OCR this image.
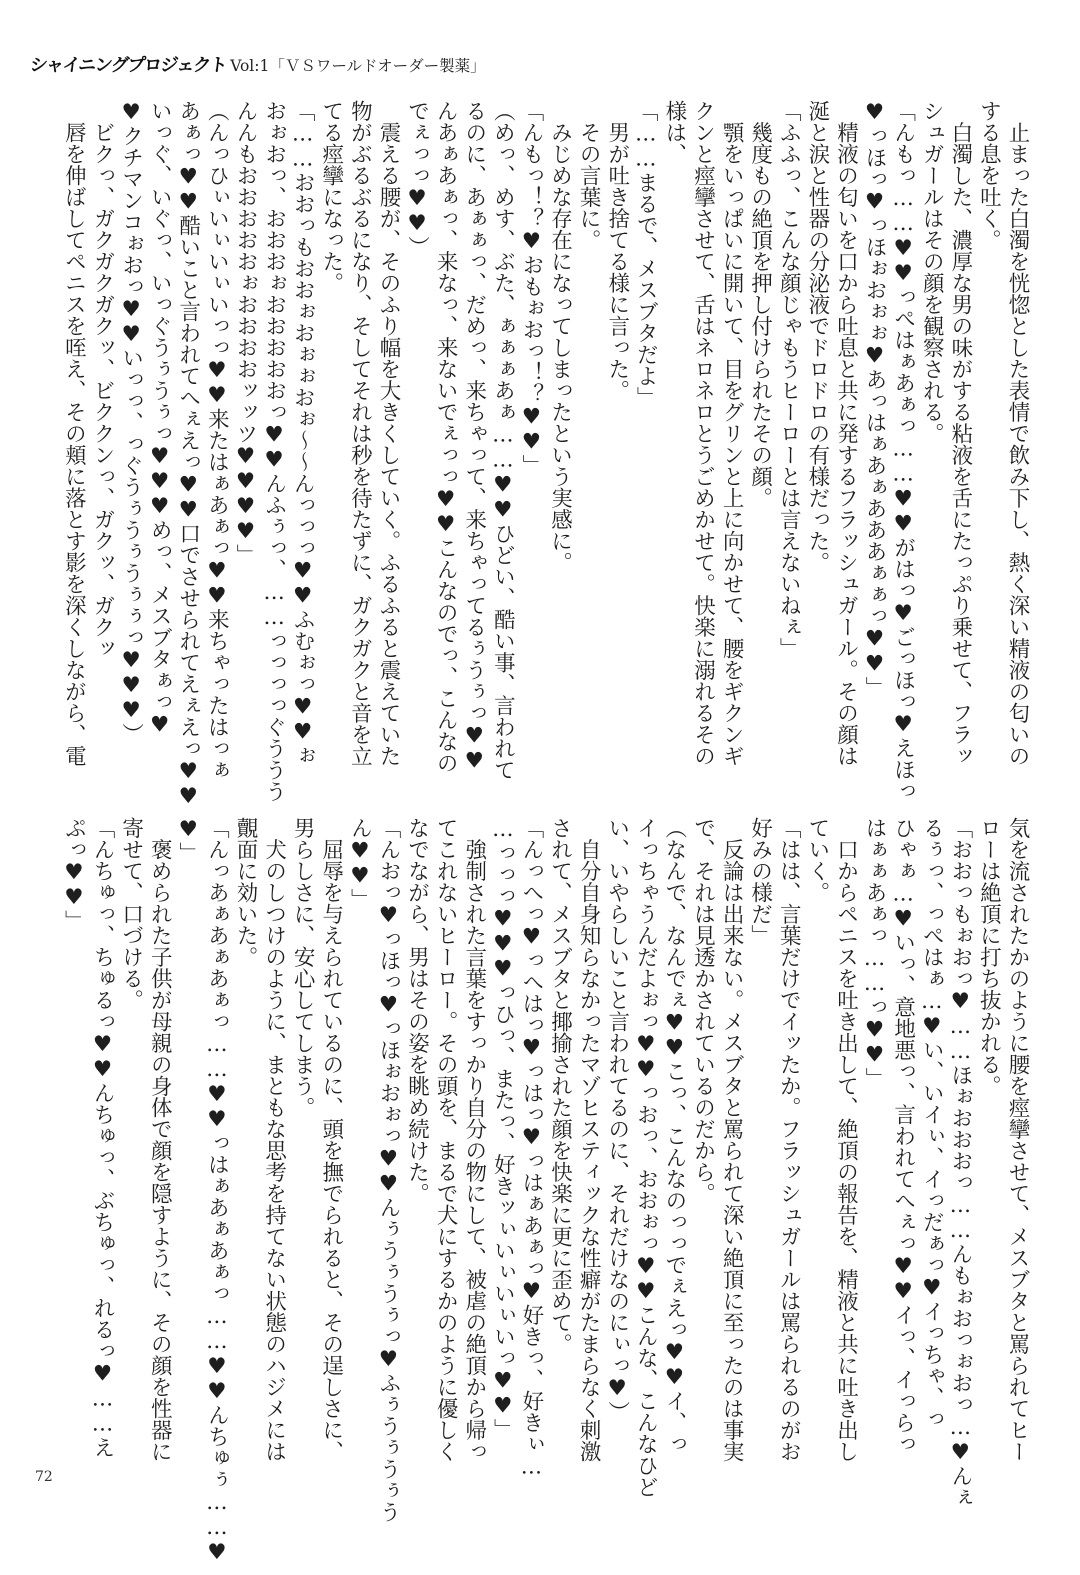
シャイニングプロジェクト Vol:1「ＶＳワールドオーダー製薬」

　止まった白濁を恍惚とした表情で飲み下し、熱く深い精液の匂いの

する息を吐く。

　白濁した、濃厚な男の味がする粘液を舌にたっぷり乗せて、フラッ

シュガールはその顔を観察される。

「んもっ……♥♥っぺはぁあぁっ……♥♥がはっ♥ごっほっ♥えほっ

♥っほっ♥っほぉおぉぉ♥あっはぁあぁあああぁぁっ♥♥」

　精液の匂いを口から吐息と共に発するフラッシュガール。その顔は

涎と涙と性器の分泌液でドロドロの有様だった。

「ふふっ、こんな顔じゃもうヒーローとは言えないねぇ」

　幾度もの絶頂を押し付けられたその顔。

　顎をいっぱいに開いて、目をグリンと上に向かせて、腰をギクンギ

クンと痙攣させて、舌はネロネロとうごめかせて。快楽に溺れるその

様は、

「……まるで、メスブタだよ」

　男が吐き捨てる様に言った。

　その言葉に。

　みじめな存在になってしまったという実感に。

「んもっ！？♥おもぉおっ！？♥♥」

（めっ、めす、ぶた、ぁぁぁあぁ……♥♥ひどい、酷い事、言われて

るのに、あぁぁっ、だめっ、来ちゃって、来ちゃってるぅうぅっ♥♥

んあぁあぁっ、来なっ、来ないでぇっっ♥♥こんなのでっ、こんなの

でぇっっ♥♥）

　震える腰が、そのふり幅を大きくしていく。ふるふると震えていた

物がぶるぶるになり、そしてそれは秒を待たずに、ガクガクと音を立

てる痙攣になった。

「……おおっもおおぉおぉぉおぉ〜〜んっっっ♥♥ふむぉっ♥♥ぉ

おぉおっ、おおおぉおおおおおっ♥♥んふぅっ、……っっっっぐううう

んんもおおおおおぉおおおおッッツ♥♥♥♥」

（んっひぃいぃいぃいっっ♥♥来たはぁあぁっ♥♥来ちゃったはっぁ

あぁっ♥♥酷いこと言われてへぇえっ♥♥口でさせられてえぇえっ♥♥

いっぐ、いぐっ、いっぐうぅうぅっ♥♥♥めっ、メスブタぁっ♥

♥クチマンコぉおっ♥♥いっっ、っぐうぅうぅうぅぅっ♥♥♥）

　ビクっ、ガクガクガクッ、ビククンっ、ガクッ、ガクッ

　唇を伸ばしてペニスを咥え、その頬に落とす影を深くしながら、電

気を流されたかのように腰を痙攣させて、メスブタと罵られてヒー

ローは絶頂に打ち抜かれる。

「おおっもぉおっ♥……ほぉおおおっ……んもぉおっぉおっ…♥んぇ

るぅっ、っぺはぁ…♥い、いイぃ、イっだぁっ♥イっちゃ、っ

ひゃぁ…♥いっ、意地悪っ、言われてへぇっ♥♥イっ、イっらっ

はぁぁあぁっ……っ♥♥」

　口からペニスを吐き出して、絶頂の報告を、精液と共に吐き出し

ていく。

「はは、言葉だけでイッたか。フラッシュガールは罵られるのがお

好みの様だ」

　反論は出来ない。メスブタと罵られて深い絶頂に至ったのは事実

で、それは見透かされているのだから。

（なんで、なんでぇ♥♥こっ、こんなのっっでぇえっ♥♥イ、っ

イっちゃうんだよぉっ♥♥っおっ、おおぉっ♥♥こんな、こんなひど

い、いやらしいこと言われてるのに、それだけなのにぃっ♥）

　自分自身知らなかったマゾヒスティックな性癖がたまらなく刺激

されて、メスブタと揶揄された顔を快楽に更に歪めて。

「んっへっ♥っへはっ♥っはっ♥っはぁあぁっ♥好きっ、好きぃ…

…っっっ♥♥♥っひっ、またっ、好きッぃいぃいぃいっ♥♥」

　強制された言葉をすっかり自分の物にして、被虐の絶頂から帰っ

てこれないヒーロー。その頭を、まるで犬にするかのように優しく

なでながら、男はその姿を眺め続けた。

「んおっ♥っほっ♥っほぉおぉっ♥♥んぅうぅうぅっ♥ふぅうぅうぅう

ん♥♥」

　屈辱を与えられているのに、頭を撫でられると、その逞しさに、

男らしさに、安心してしまう。

　犬のしつけのように、まともな思考を持てない状態のハジメには

覿面に効いた。

「んっあぁあぁあぁっ……♥♥っはぁあぁあぁっ……♥♥んちゅぅ……♥

♥」

　褒められた子供が母親の身体で顔を隠すように、その顔を性器に

寄せて、口づける。

「んちゅっ、ちゅるっ♥♥んちゅっ、ぶちゅっ、れるっ♥……え

ぷっ♥♥」

72
